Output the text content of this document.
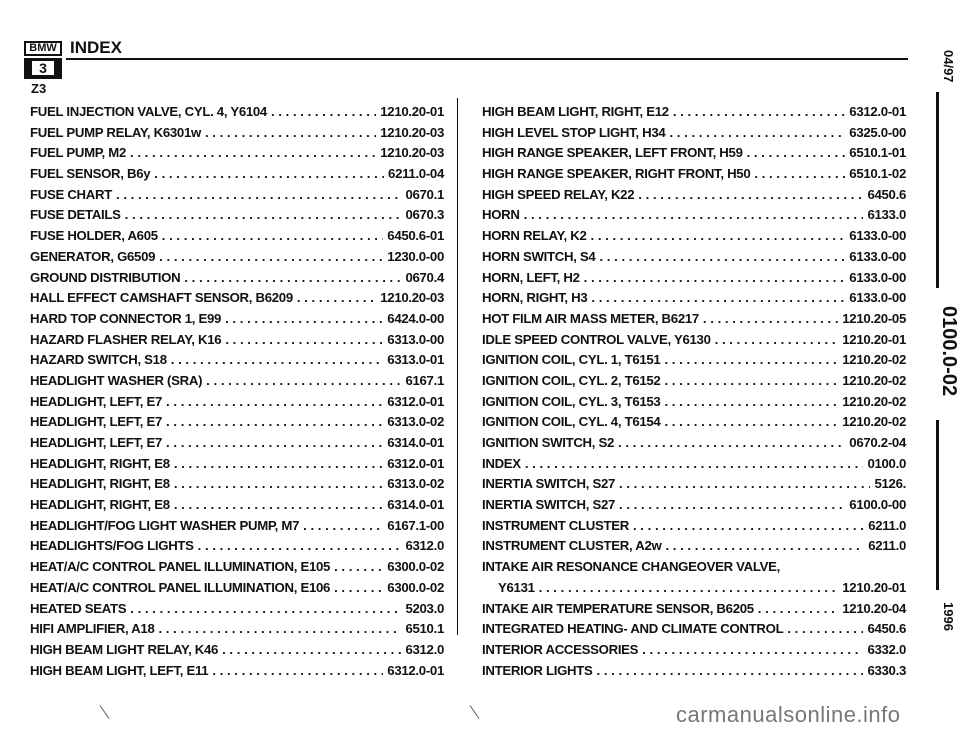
BMW
3
INDEX
Z3
FUEL INJECTION VALVE, CYL. 4, Y6104 . . .	1210.20-01
FUEL PUMP RELAY, K6301w . . .	1210.20-03
FUEL PUMP, M2 . . .	1210.20-03
FUEL SENSOR, B6y . . .	6211.0-04
FUSE CHART . . .	0670.1
FUSE DETAILS . . .	0670.3
FUSE HOLDER, A605 . . .	6450.6-01
GENERATOR, G6509 . . .	1230.0-00
GROUND DISTRIBUTION . . .	0670.4
HALL EFFECT CAMSHAFT SENSOR, B6209 . . .	1210.20-03
HARD TOP CONNECTOR 1, E99 . . .	6424.0-00
HAZARD FLASHER RELAY, K16 . . .	6313.0-00
HAZARD SWITCH, S18 . . .	6313.0-01
HEADLIGHT WASHER (SRA) . . .	6167.1
HEADLIGHT, LEFT, E7 . . .	6312.0-01
HEADLIGHT, LEFT, E7 . . .	6313.0-02
HEADLIGHT, LEFT, E7 . . .	6314.0-01
HEADLIGHT, RIGHT, E8 . . .	6312.0-01
HEADLIGHT, RIGHT, E8 . . .	6313.0-02
HEADLIGHT, RIGHT, E8 . . .	6314.0-01
HEADLIGHT/FOG LIGHT WASHER PUMP, M7 . . .	6167.1-00
HEADLIGHTS/FOG LIGHTS . . .	6312.0
HEAT/A/C CONTROL PANEL ILLUMINATION, E105 . . .	6300.0-02
HEAT/A/C CONTROL PANEL ILLUMINATION, E106 . . .	6300.0-02
HEATED SEATS . . .	5203.0
HIFI AMPLIFIER, A18 . . .	6510.1
HIGH BEAM LIGHT RELAY, K46 . . .	6312.0
HIGH BEAM LIGHT, LEFT, E11 . . .	6312.0-01
HIGH BEAM LIGHT, RIGHT, E12 . . .	6312.0-01
HIGH LEVEL STOP LIGHT, H34 . . .	6325.0-00
HIGH RANGE SPEAKER, LEFT FRONT, H59 . . .	6510.1-01
HIGH RANGE SPEAKER, RIGHT FRONT, H50 . . .	6510.1-02
HIGH SPEED RELAY, K22 . . .	6450.6
HORN . . .	6133.0
HORN RELAY, K2 . . .	6133.0-00
HORN SWITCH, S4 . . .	6133.0-00
HORN, LEFT, H2 . . .	6133.0-00
HORN, RIGHT, H3 . . .	6133.0-00
HOT FILM AIR MASS METER, B6217 . . .	1210.20-05
IDLE SPEED CONTROL VALVE, Y6130 . . .	1210.20-01
IGNITION COIL, CYL. 1, T6151 . . .	1210.20-02
IGNITION COIL, CYL. 2, T6152 . . .	1210.20-02
IGNITION COIL, CYL. 3, T6153 . . .	1210.20-02
IGNITION COIL, CYL. 4, T6154 . . .	1210.20-02
IGNITION SWITCH, S2 . . .	0670.2-04
INDEX . . .	0100.0
INERTIA SWITCH, S27 . . .	5126.
INERTIA SWITCH, S27 . . .	6100.0-00
INSTRUMENT CLUSTER . . .	6211.0
INSTRUMENT CLUSTER, A2w . . .	6211.0
INTAKE AIR RESONANCE CHANGEOVER VALVE,
Y6131 . . .	1210.20-01
INTAKE AIR TEMPERATURE SENSOR, B6205 . . .	1210.20-04
INTEGRATED HEATING- AND CLIMATE CONTROL . . .	6450.6
INTERIOR ACCESSORIES . . .	6332.0
INTERIOR LIGHTS . . .	6330.3
04/97
0100.0-02
1996
carmanualsonline.info
